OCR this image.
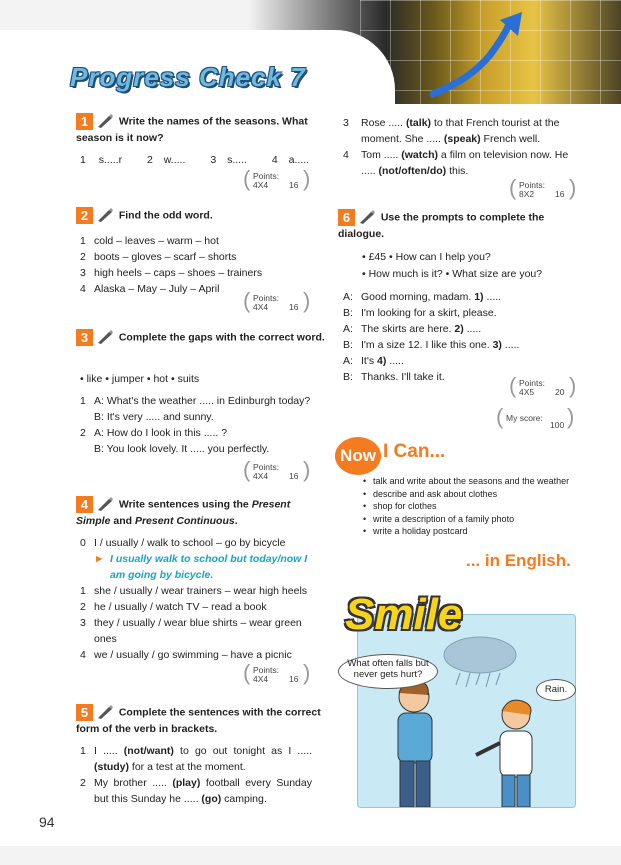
Progress Check 7
1	Write the names of the seasons. What season is it now?
1 s.....r 2 w..... 3 s..... 4 a.....
( Points:
4X4 16 )
2	Find the odd word.
1 cold – leaves – warm – hot
2 boots – gloves – scarf – shorts
3 high heels – caps – shoes – trainers
4 Alaska – May – July – April	( Points:
4X4 16 )
3	Complete the gaps with the correct word.
• like • jumper • hot • suits
1 A: What's the weather ..... in Edinburgh today?
B: It's very ..... and sunny.
2 A: How do I look in this ..... ?
B: You look lovely. It ..... you perfectly.
( Points:
4X4 16 )
4	Write sentences using the Present Simple and Present Continuous.
0 I / usually / walk to school – go by bicycle
► I usually walk to school but today/now I am going by bicycle.
1 she / usually / wear trainers – wear high heels
2 he / usually / watch TV – read a book
3 they / usually / wear blue shirts – wear green ones
4 we / usually / go swimming – have a picnic
( Points:
4X4 16 )
5	Complete the sentences with the correct form of the verb in brackets.
1 I ..... (not/want) to go out tonight as I ..... (study) for a test at the moment.
2 My brother ..... (play) football every Sunday but this Sunday he ..... (go) camping.
3 Rose ..... (talk) to that French tourist at the moment. She ..... (speak) French well.
4 Tom ..... (watch) a film on television now. He ..... (not/often/do) this.
( Points:
8X2 16 )
6	Use the prompts to complete the dialogue.
• £45 • How can I help you?
• How much is it? • What size are you?
A: Good morning, madam. 1) .....
B: I'm looking for a skirt, please.
A: The skirts are here. 2) .....
B: I'm a size 12. I like this one. 3) .....
A: It's 4) .....
B: Thanks. I'll take it.	( Points:
4X5 20 )
( My score:
100 )
Now I Can...
• talk and write about the seasons and the weather
• describe and ask about clothes
• shop for clothes
• write a description of a family photo
• write a holiday postcard
... in English.
Smile
What often falls but never gets hurt?
Rain.
94
